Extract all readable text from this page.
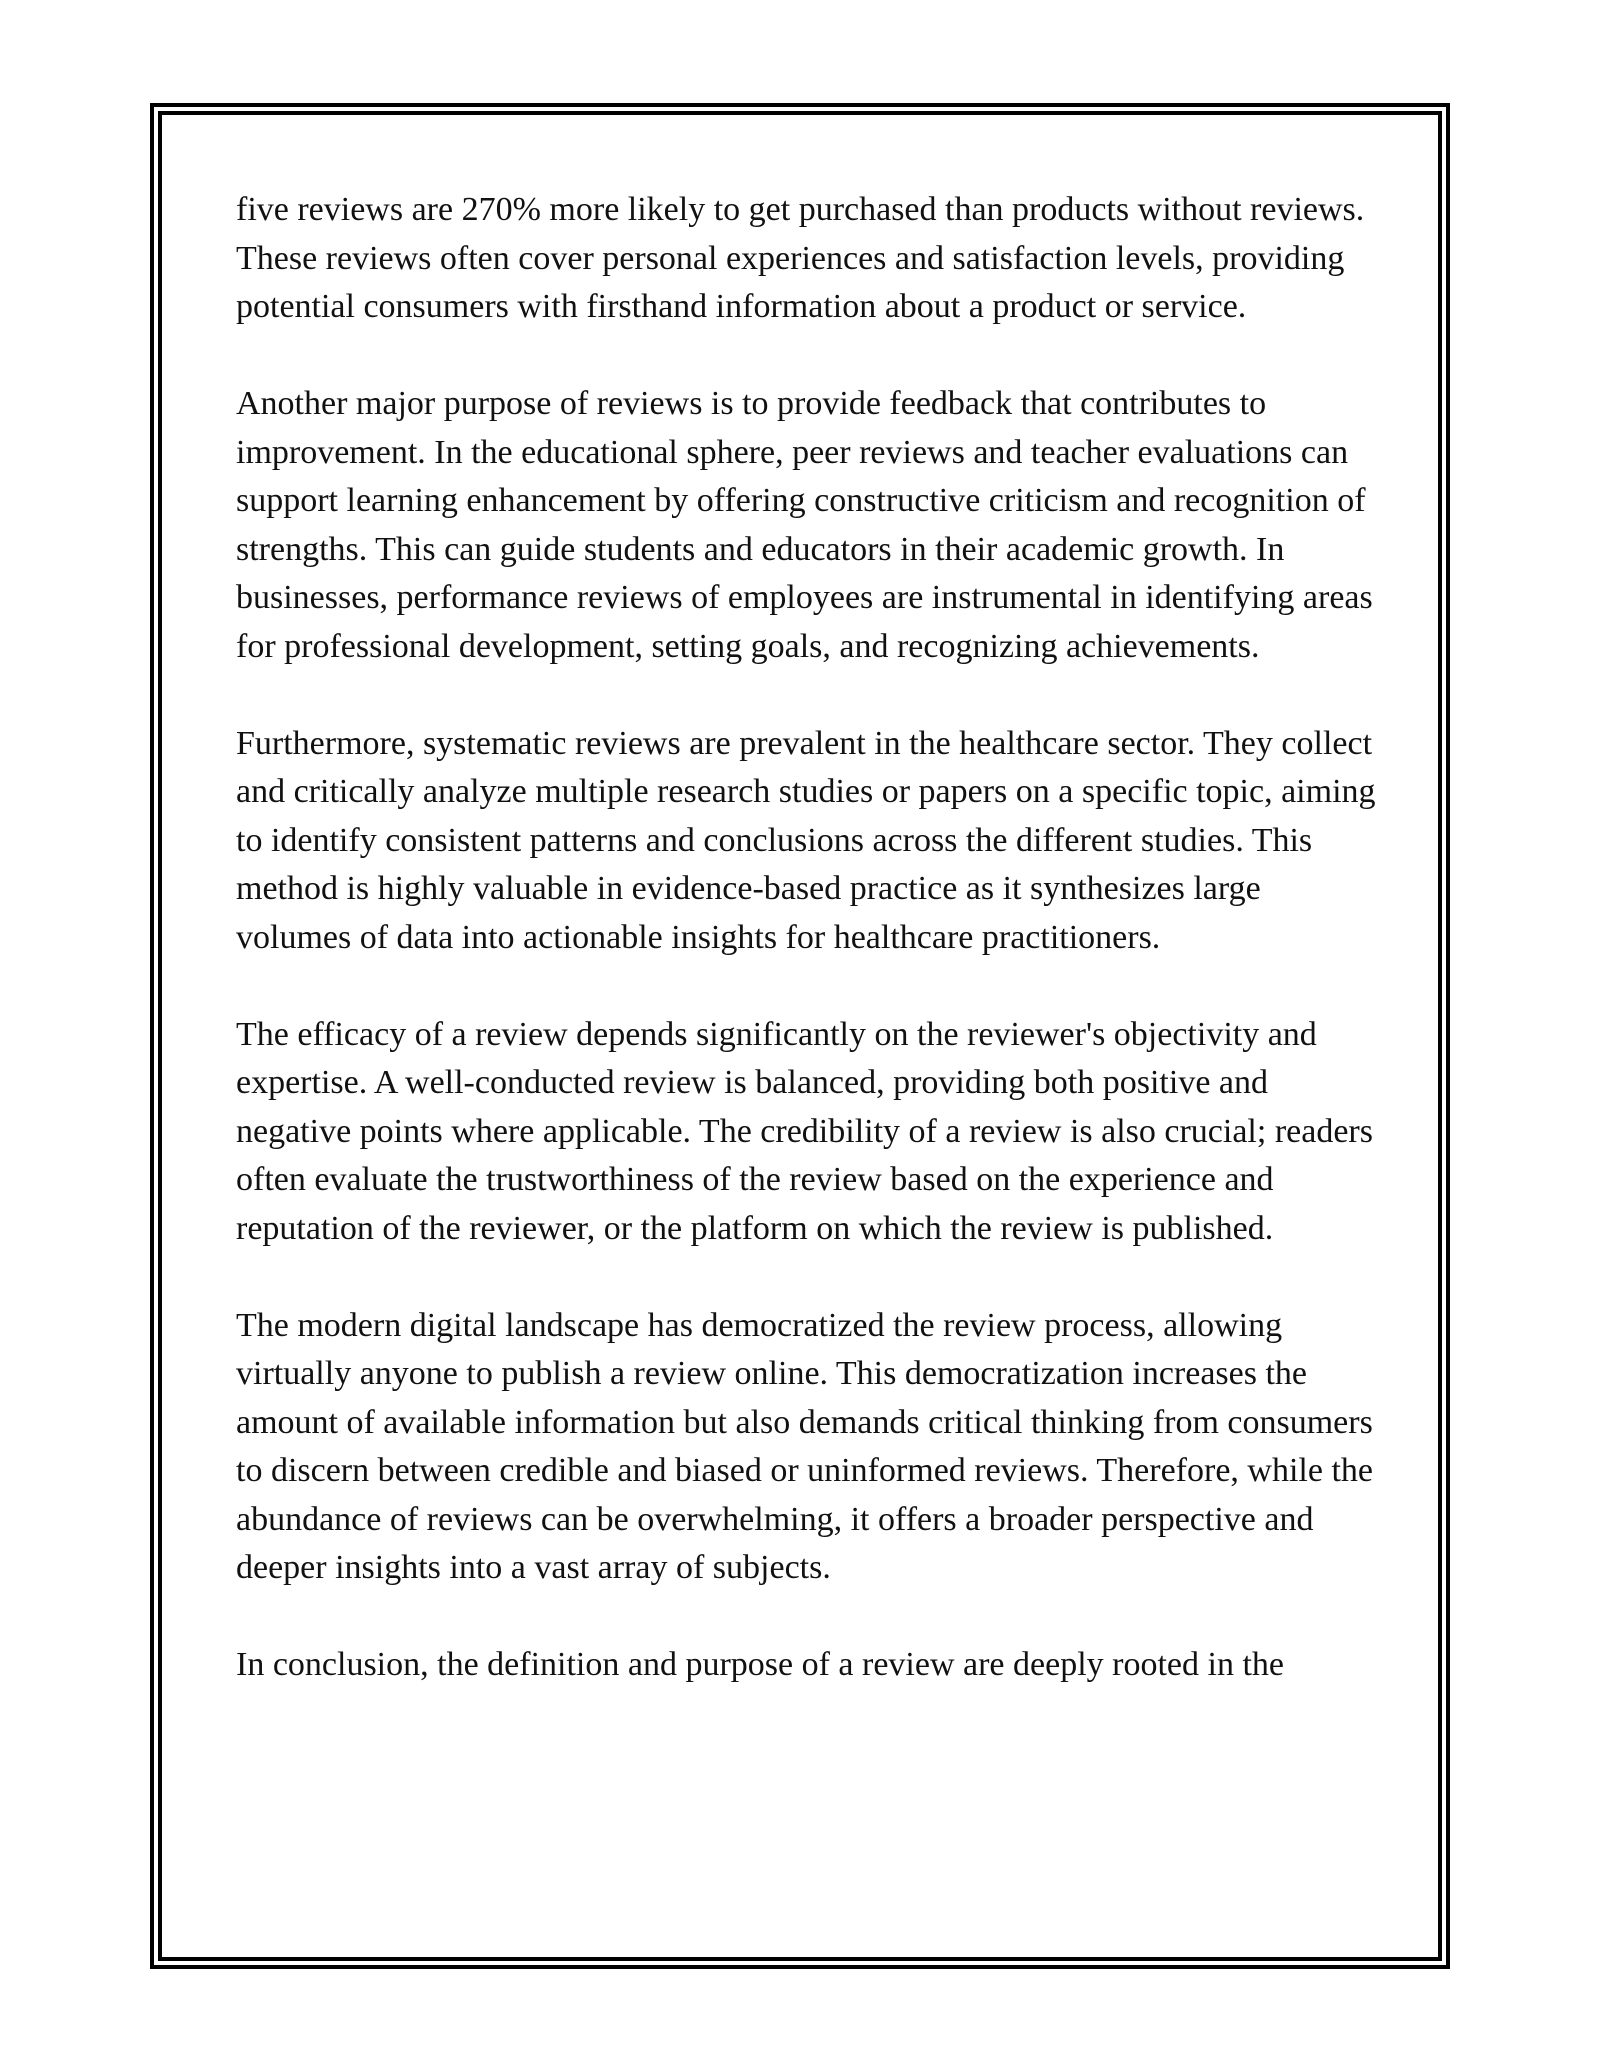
five reviews are 270% more likely to get purchased than products without reviews. These reviews often cover personal experiences and satisfaction levels, providing potential consumers with firsthand information about a product or service.

Another major purpose of reviews is to provide feedback that contributes to improvement. In the educational sphere, peer reviews and teacher evaluations can support learning enhancement by offering constructive criticism and recognition of strengths. This can guide students and educators in their academic growth. In businesses, performance reviews of employees are instrumental in identifying areas for professional development, setting goals, and recognizing achievements.

Furthermore, systematic reviews are prevalent in the healthcare sector. They collect and critically analyze multiple research studies or papers on a specific topic, aiming to identify consistent patterns and conclusions across the different studies. This method is highly valuable in evidence-based practice as it synthesizes large volumes of data into actionable insights for healthcare practitioners.

The efficacy of a review depends significantly on the reviewer's objectivity and expertise. A well-conducted review is balanced, providing both positive and negative points where applicable. The credibility of a review is also crucial; readers often evaluate the trustworthiness of the review based on the experience and reputation of the reviewer, or the platform on which the review is published.

The modern digital landscape has democratized the review process, allowing virtually anyone to publish a review online. This democratization increases the amount of available information but also demands critical thinking from consumers to discern between credible and biased or uninformed reviews. Therefore, while the abundance of reviews can be overwhelming, it offers a broader perspective and deeper insights into a vast array of subjects.

In conclusion, the definition and purpose of a review are deeply rooted in the
